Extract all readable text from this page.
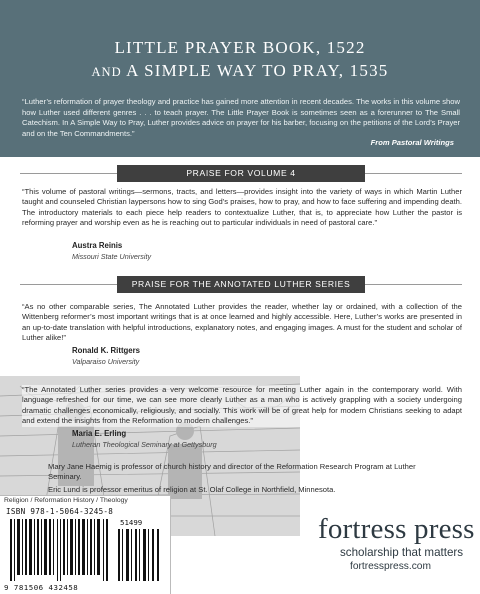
LITTLE PRAYER BOOK, 1522
AND A SIMPLE WAY TO PRAY, 1535
“Luther’s reformation of prayer theology and practice has gained more attention in recent decades. The works in this volume show how Luther used different genres . . . to teach prayer. The Little Prayer Book is sometimes seen as a forerunner to The Small Catechism. In A Simple Way to Pray, Luther provides advice on prayer for his barber, focusing on the petitions of the Lord’s Prayer and on the Ten Commandments.”
From Pastoral Writings
PRAISE FOR VOLUME 4
“This volume of pastoral writings—sermons, tracts, and letters—provides insight into the variety of ways in which Martin Luther taught and counseled Christian laypersons how to sing God’s praises, how to pray, and how to face suffering and impending death. The introductory materials to each piece help readers to contextualize Luther, that is, to appreciate how Luther the pastor is reforming prayer and worship even as he is reaching out to particular individuals in need of pastoral care.”
Austra Reinis
Missouri State University
PRAISE FOR THE ANNOTATED LUTHER SERIES
“As no other comparable series, The Annotated Luther provides the reader, whether lay or ordained, with a collection of the Wittenberg reformer’s most important writings that is at once learned and highly accessible. Here, Luther’s works are presented in an up-to-date translation with helpful introductions, explanatory notes, and engaging images. A must for the student and scholar of Luther alike!”
Ronald K. Rittgers
Valparaiso University
“The Annotated Luther series provides a very welcome resource for meeting Luther again in the contemporary world. With language refreshed for our time, we can see more clearly Luther as a man who is actively grappling with a society undergoing dramatic challenges economically, religiously, and socially. This work will be of great help for modern Christians seeking to adapt and extend the insights from the Reformation to modern challenges.”
Maria E. Erling
Lutheran Theological Seminary at Gettysburg
Mary Jane Haemig is professor of church history and director of the Reformation Research Program at Luther Seminary.
Eric Lund is professor emeritus of religion at St. Olaf College in Northfield, Minnesota.
Religion / Reformation History / Theology
ISBN 978-1-5064-3245-8
51499
9 781506 432458
fortress press
scholarship that matters
fortresspress.com
